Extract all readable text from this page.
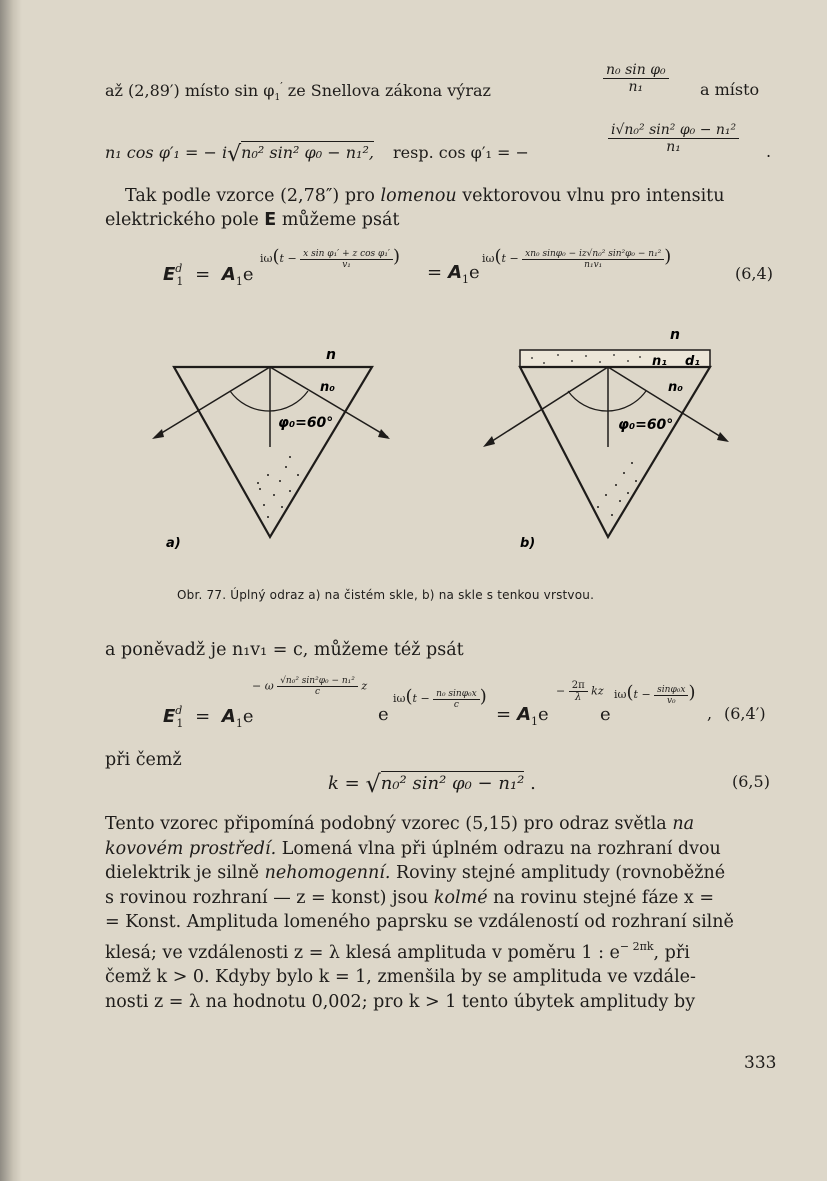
až (2,89′) místo $\sin \varphi_1'$ ze Snellova zákona výraz
n₀ sin φ₀
n₁	a místo
n₁ cos φ′₁ = − i√n₀² sin² φ₀ − n₁², resp. cos φ′₁ = −
i√n₀² sin² φ₀ − n₁²
n₁	.
Tak podle vzorce (2,78″) pro lomenou vektorovou vlnu pro intensitu
elektrického pole E můžeme psát
$E^d_1 = A_1e$
$i\omega(t - \frac{\text{x sin φ₁′ + z cos φ₁′}}{\text{v₁}}$ )
= $A_1e$
$i\omega(t - \frac{\text{xn₀ sinφ₀ − iz√n₀² sin²φ₀ − n₁²}}{\text{n₁v₁}}$ )
(6,4)
n
n₀
φ₀=60°
a)
n
n₁ d₁
n₀
φ₀=60°
b)
Obr. 77. Úplný odraz a) na čistém skle, b) na skle s tenkou vrstvou.
a poněvadž je n₁v₁ = c, můžeme též psát
$E^d_1 = A_1e$
− ω $\frac{\text{√n₀² sin²φ₀ − n₁²}}{c}$ z
e
$i\omega(t - \frac{\text{n₀ sinφ₀x}}{c}$ )
= $A_1e$
− $\frac{2\pi}{\lambda}$ kz
e
$i\omega(t - \frac{\text{sinφ₀x}}{\text{v₀}}$ )
, (6,4′)
při čemž
k = √n₀² sin² φ₀ − n₁² .	(6,5)
Tento vzorec připomíná podobný vzorec (5,15) pro odraz světla na
kovovém prostředí. Lomená vlna při úplném odrazu na rozhraní dvou
dielektrik je silně nehomogenní. Roviny stejné amplitudy (rovnoběžné
s rovinou rozhraní — z = konst) jsou kolmé na rovinu stejné fáze x =
= Konst. Amplituda lomeného paprsku se vzdáleností od rozhraní silně
klesá; ve vzdálenosti z = λ klesá amplituda v poměru 1 : $e^{- 2\pi k}$, při
čemž k > 0. Kdyby bylo k = 1, zmenšila by se amplituda ve vzdále-
nosti z = λ na hodnotu 0,002; pro k > 1 tento úbytek amplitudy by
333
